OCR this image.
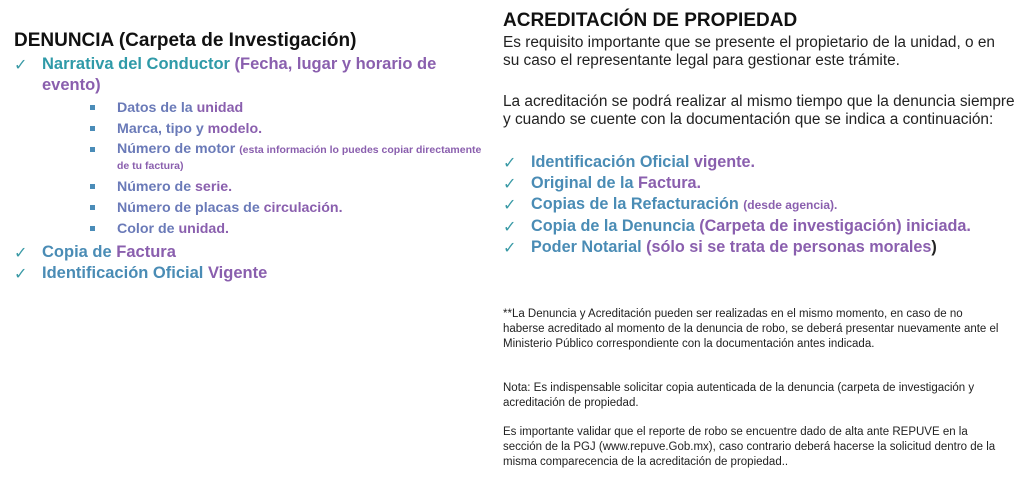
DENUNCIA (Carpeta de Investigación)
✓ Narrativa del Conductor (Fecha, lugar y horario de evento)
Datos de la unidad
Marca, tipo y modelo.
Número de motor (esta información lo puedes copiar directamente de tu factura)
Número de serie.
Número de placas de circulación.
Color de unidad.
✓ Copia de Factura
✓ Identificación Oficial Vigente
ACREDITACIÓN DE PROPIEDAD

Es requisito importante que se presente el propietario de la unidad, o en su caso el representante legal para gestionar este trámite.

La acreditación se podrá realizar al mismo tiempo que la denuncia siempre y cuando se cuente con la documentación que se indica a continuación:

✓ Identificación Oficial vigente.
✓ Original de la Factura.
✓ Copias de la Refacturación (desde agencia).
✓ Copia de la Denuncia (Carpeta de investigación) iniciada.
✓ Poder Notarial (sólo si se trata de personas morales)

**La Denuncia y Acreditación pueden ser realizadas en el mismo momento, en caso de no haberse acreditado al momento de la denuncia de robo, se deberá presentar nuevamente ante el Ministerio Público correspondiente con la documentación antes indicada.

Nota: Es indispensable solicitar copia autenticada de la denuncia (carpeta de investigación y acreditación de propiedad.

Es importante validar que el reporte de robo se encuentre dado de alta ante REPUVE en la sección de la PGJ (www.repuve.Gob.mx), caso contrario deberá hacerse la solicitud dentro de la misma comparecencia de la acreditación de propiedad..
